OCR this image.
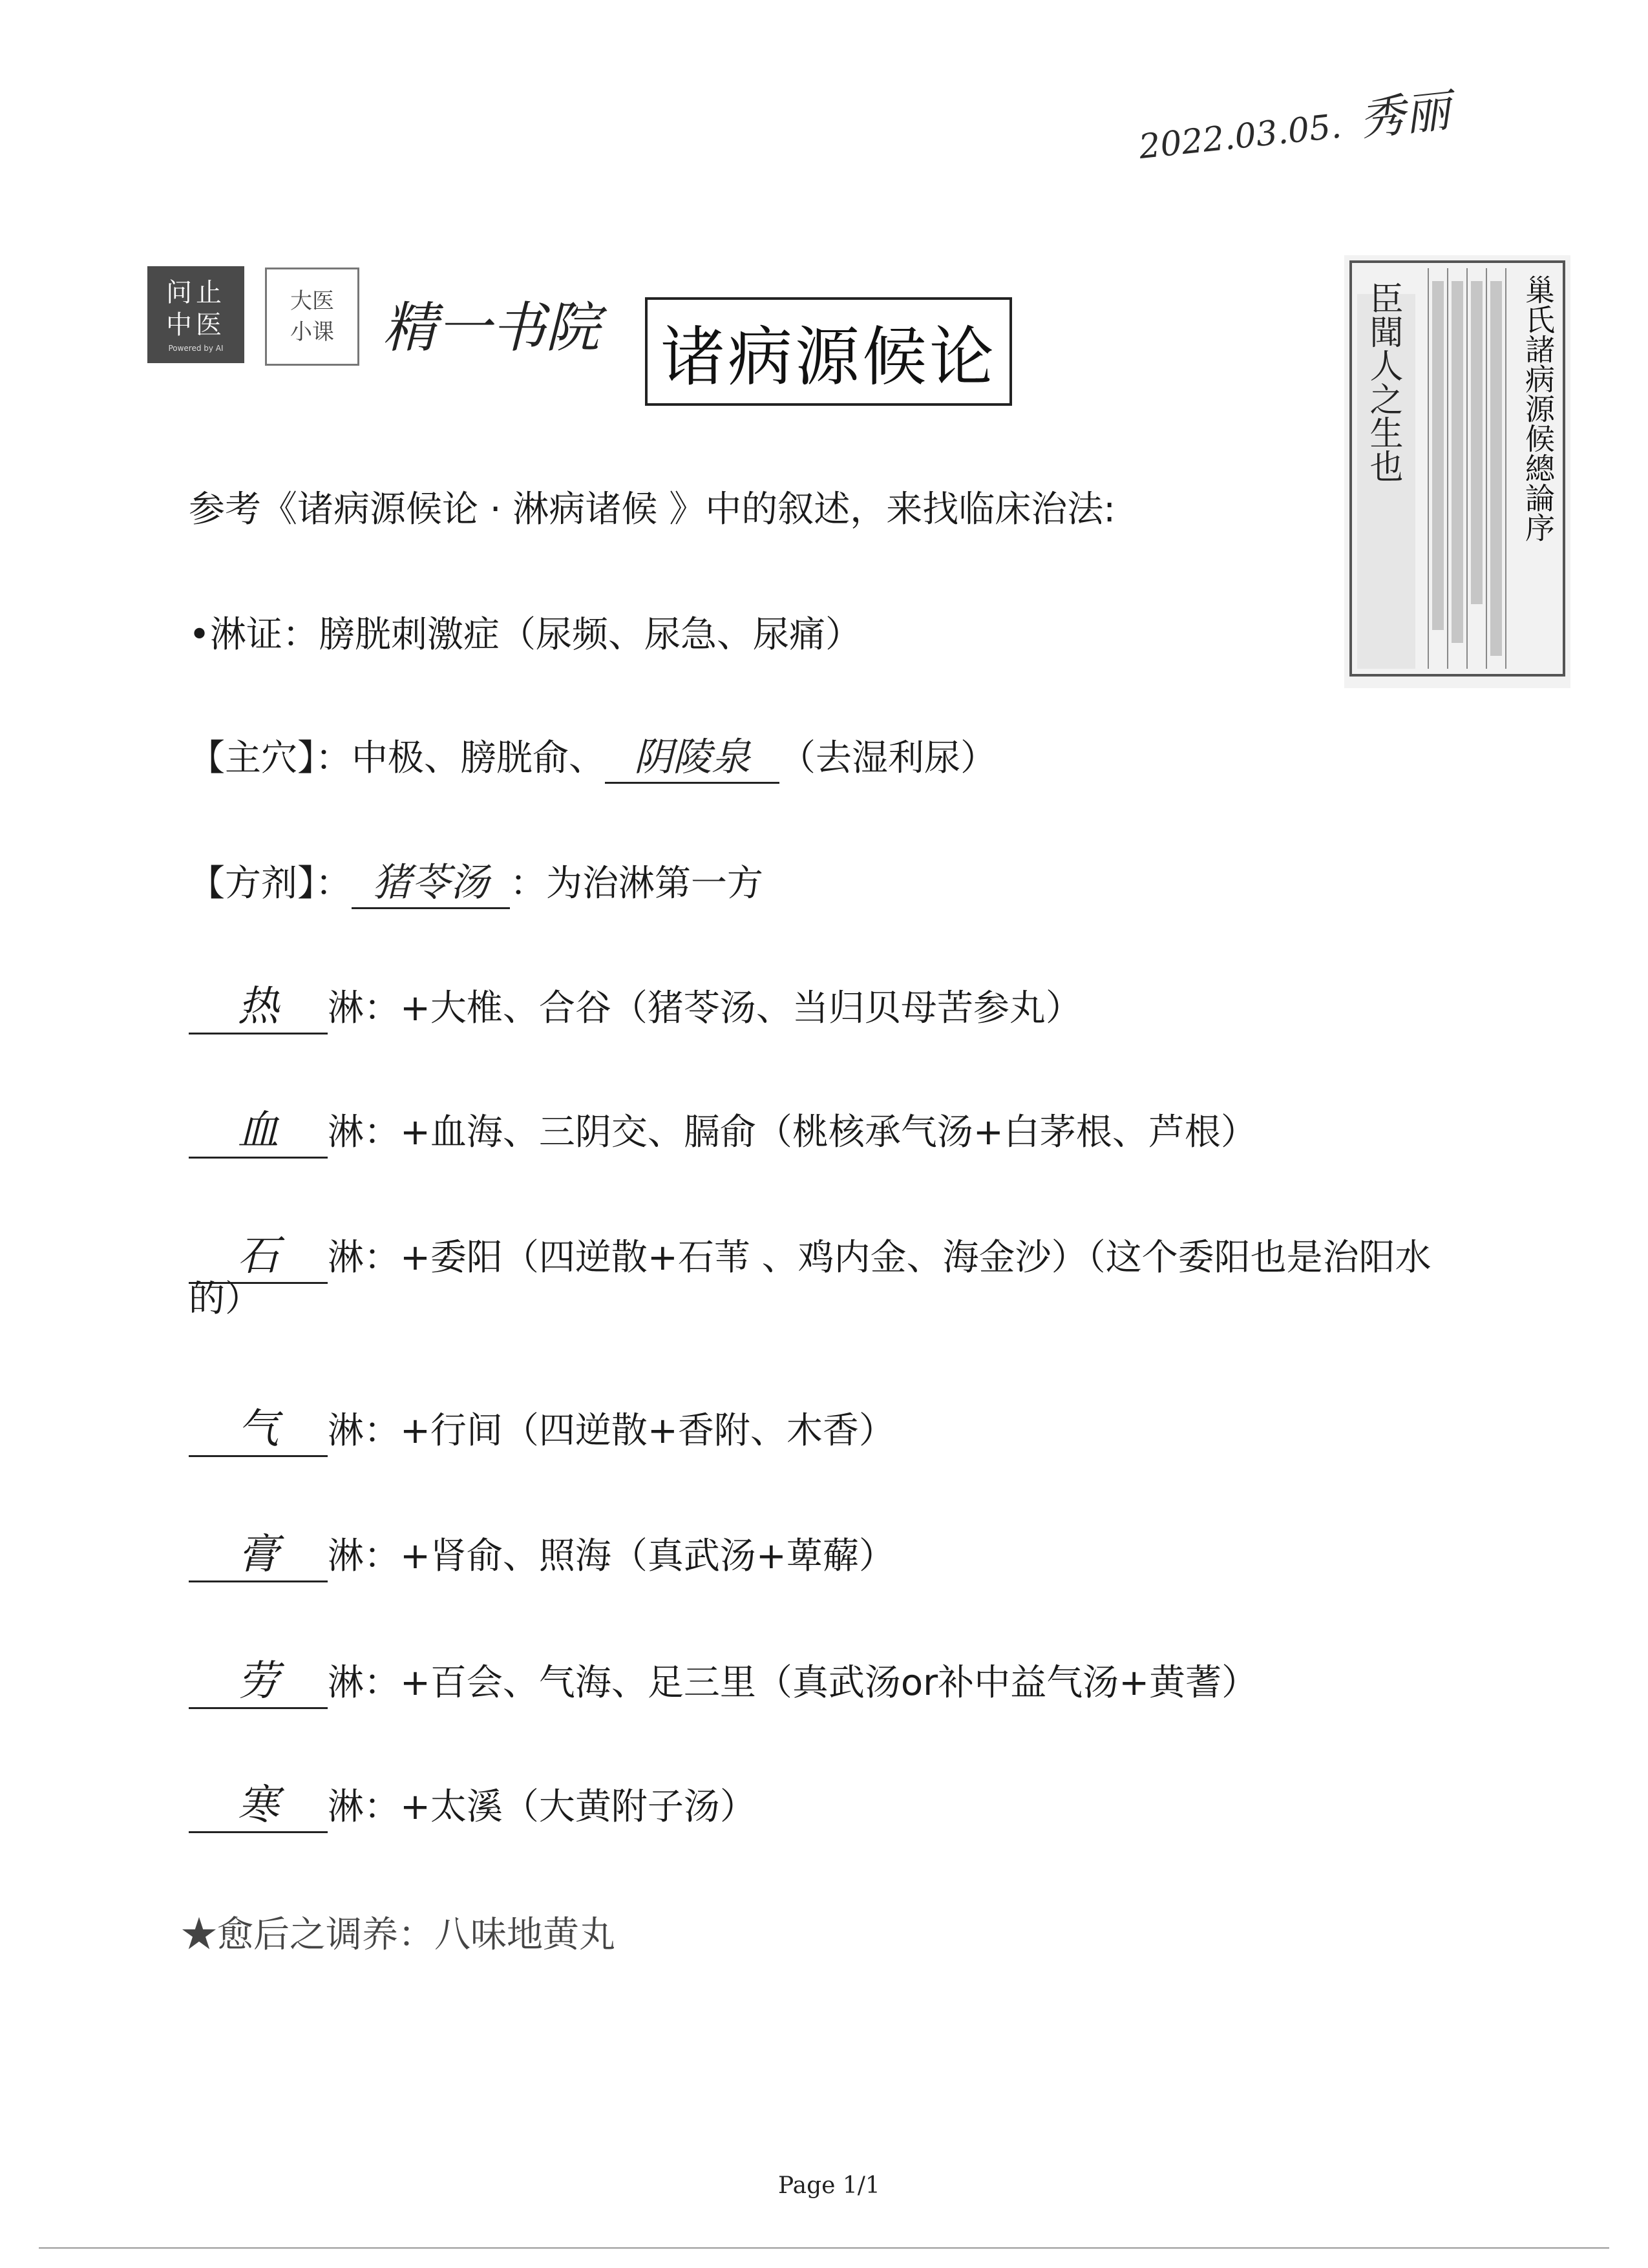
2022.03.05. 秀丽
问止
中医
Powered by AI
大医
小课 精一书院 诸病源候论	巢氏諸病源候總論序
臣聞人之生也
参考《诸病源候论 · 淋病诸候 》中的叙述，来找临床治法:
•淋证：膀胱刺激症（尿频、尿急、尿痛）
【主穴】：中极、膀胱俞、 阴陵泉 （去湿利尿）
【方剂】： 猪苓汤 ：为治淋第一方
热 淋：+大椎、合谷（猪苓汤、当归贝母苦参丸）
血 淋：+血海、三阴交、膈俞（桃核承气汤+白茅根、芦根）
石 淋：+委阳（四逆散+石苇 、鸡内金、海金沙）（这个委阳也是治阳水
的）
气 淋：+行间（四逆散+香附、木香）
膏 淋：+肾俞、照海（真武汤+萆薢）
劳 淋：+百会、气海、足三里（真武汤or补中益气汤+黄蓍）
寒 淋：+太溪（大黄附子汤）
★愈后之调养：八味地黄丸
Page 1/1
